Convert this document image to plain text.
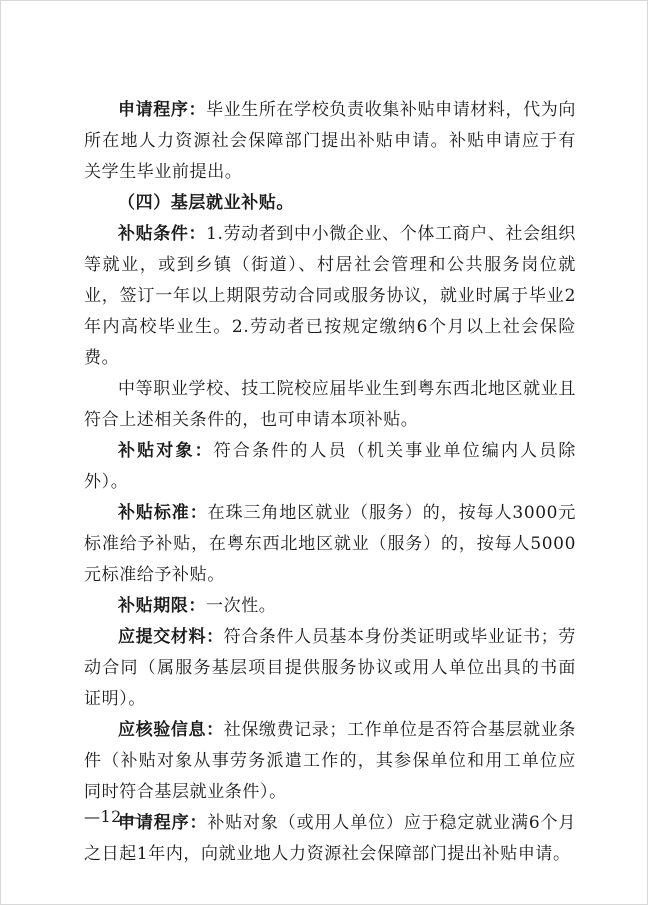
申请程序：毕业生所在学校负责收集补贴申请材料，代为向所在地人力资源社会保障部门提出补贴申请。补贴申请应于有关学生毕业前提出。

（四）基层就业补贴。

补贴条件：1.劳动者到中小微企业、个体工商户、社会组织等就业，或到乡镇（街道）、村居社会管理和公共服务岗位就业，签订一年以上期限劳动合同或服务协议，就业时属于毕业2年内高校毕业生。2.劳动者已按规定缴纳6个月以上社会保险费。

中等职业学校、技工院校应届毕业生到粤东西北地区就业且符合上述相关条件的，也可申请本项补贴。

补贴对象：符合条件的人员（机关事业单位编内人员除外）。

补贴标准：在珠三角地区就业（服务）的，按每人3000元标准给予补贴，在粤东西北地区就业（服务）的，按每人5000元标准给予补贴。

补贴期限：一次性。

应提交材料：符合条件人员基本身份类证明或毕业证书；劳动合同（属服务基层项目提供服务协议或用人单位出具的书面证明）。

应核验信息：社保缴费记录；工作单位是否符合基层就业条件（补贴对象从事劳务派遣工作的，其参保单位和用工单位应同时符合基层就业条件）。

申请程序：补贴对象（或用人单位）应于稳定就业满6个月之日起1年内，向就业地人力资源社会保障部门提出补贴申请。

—12—
